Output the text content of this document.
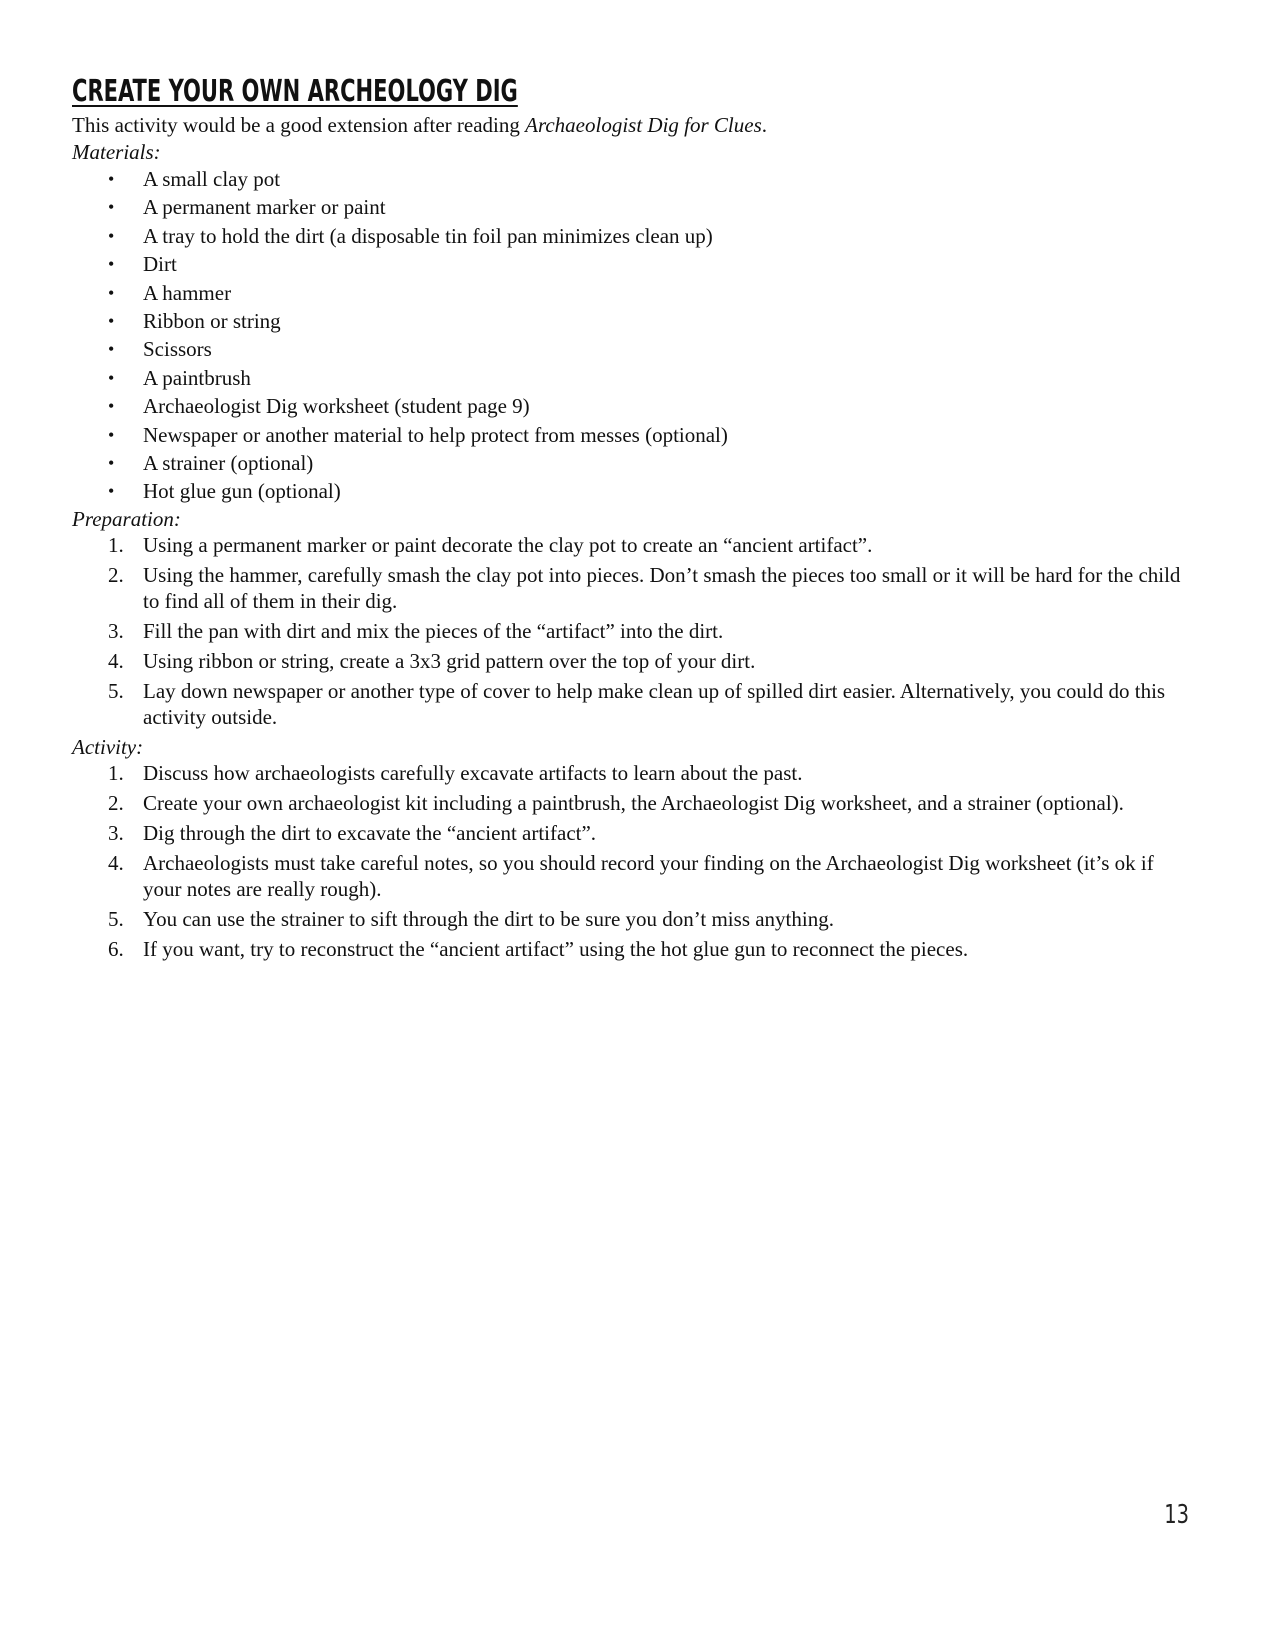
CREATE YOUR OWN ARCHEOLOGY DIG

This activity would be a good extension after reading Archaeologist Dig for Clues.

Materials:

• A small clay pot
• A permanent marker or paint
• A tray to hold the dirt (a disposable tin foil pan minimizes clean up)
• Dirt
• A hammer
• Ribbon or string
• Scissors
• A paintbrush
• Archaeologist Dig worksheet (student page 9)
• Newspaper or another material to help protect from messes (optional)
• A strainer (optional)
• Hot glue gun (optional)

Preparation:

1. Using a permanent marker or paint decorate the clay pot to create an “ancient artifact”.
2. Using the hammer, carefully smash the clay pot into pieces. Don’t smash the pieces too small or it will be hard for the child to find all of them in their dig.
3. Fill the pan with dirt and mix the pieces of the “artifact” into the dirt.
4. Using ribbon or string, create a 3x3 grid pattern over the top of your dirt.
5. Lay down newspaper or another type of cover to help make clean up of spilled dirt easier. Alternatively, you could do this activity outside.

Activity:

1. Discuss how archaeologists carefully excavate artifacts to learn about the past.
2. Create your own archaeologist kit including a paintbrush, the Archaeologist Dig worksheet, and a strainer (optional).
3. Dig through the dirt to excavate the “ancient artifact”.
4. Archaeologists must take careful notes, so you should record your finding on the Archaeologist Dig worksheet (it’s ok if your notes are really rough).
5. You can use the strainer to sift through the dirt to be sure you don’t miss anything.
6. If you want, try to reconstruct the “ancient artifact” using the hot glue gun to reconnect the pieces.
13
